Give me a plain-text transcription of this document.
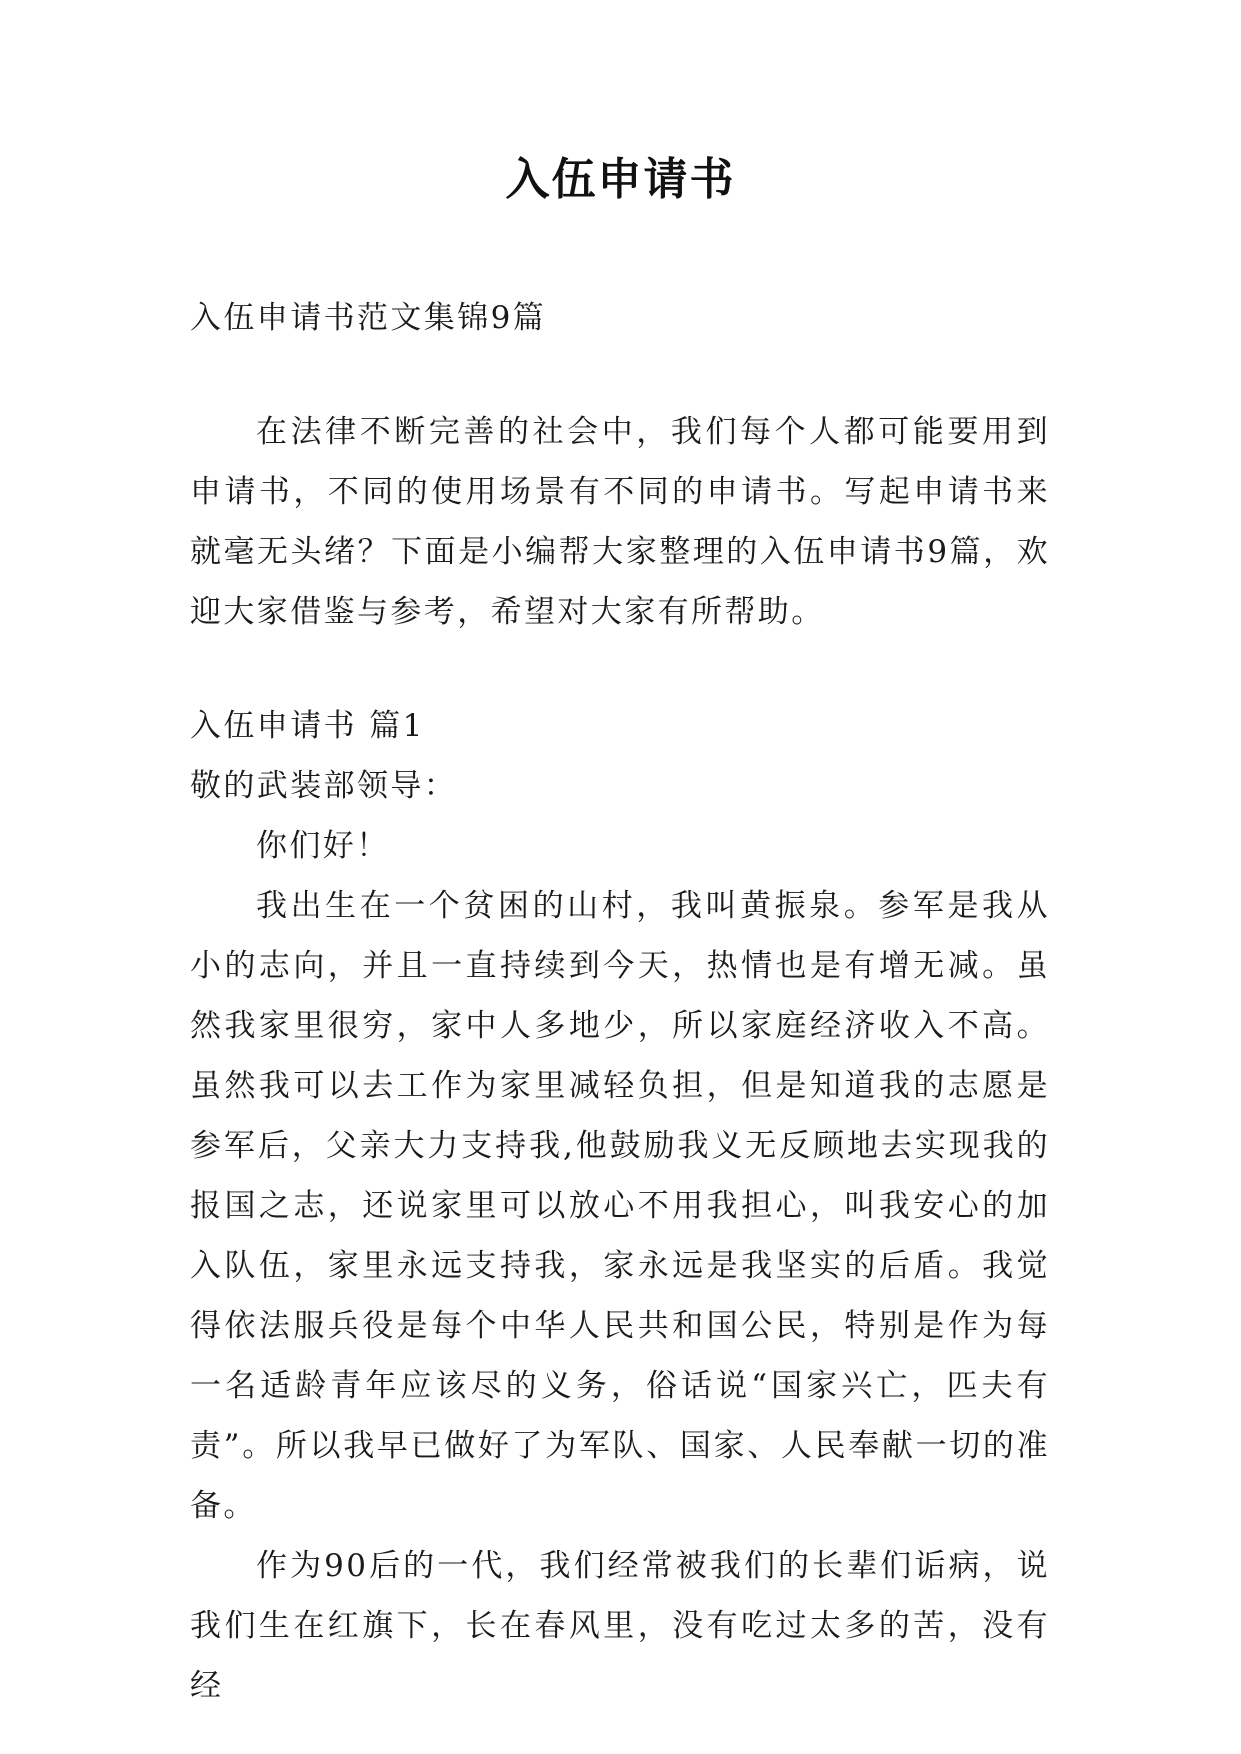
入伍申请书

入伍申请书范文集锦9篇

在法律不断完善的社会中，我们每个人都可能要用到申请书，不同的使用场景有不同的申请书。写起申请书来就毫无头绪？下面是小编帮大家整理的入伍申请书9篇，欢迎大家借鉴与参考，希望对大家有所帮助。

入伍申请书 篇1

敬的武装部领导：

你们好！

我出生在一个贫困的山村，我叫黄振泉。参军是我从小的志向，并且一直持续到今天，热情也是有增无减。虽然我家里很穷，家中人多地少，所以家庭经济收入不高。虽然我可以去工作为家里减轻负担，但是知道我的志愿是参军后，父亲大力支持我,他鼓励我义无反顾地去实现我的报国之志，还说家里可以放心不用我担心，叫我安心的加入队伍，家里永远支持我，家永远是我坚实的后盾。我觉得依法服兵役是每个中华人民共和国公民，特别是作为每一名适龄青年应该尽的义务，俗话说“国家兴亡，匹夫有责”。所以我早已做好了为军队、国家、人民奉献一切的准备。

作为90后的一代，我们经常被我们的长辈们诟病，说我们生在红旗下，长在春风里，没有吃过太多的苦，没有经
